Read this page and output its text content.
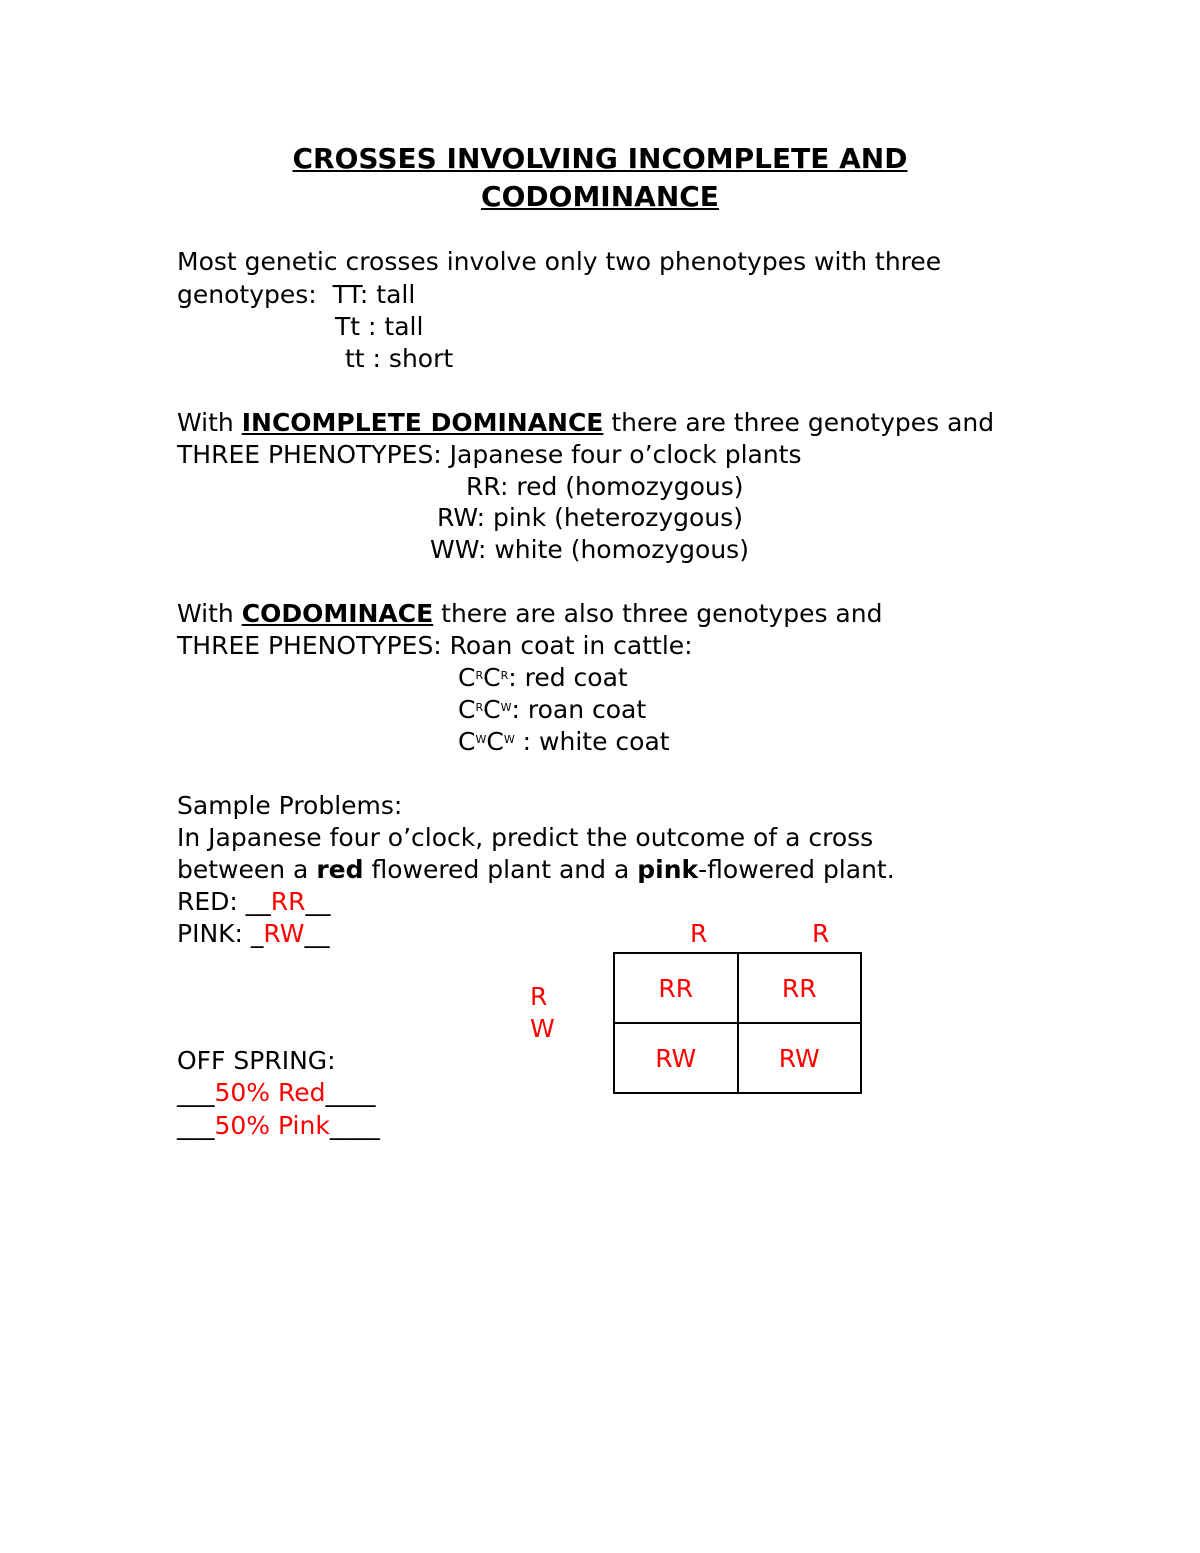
CROSSES INVOLVING INCOMPLETE AND
CODOMINANCE
Most genetic crosses involve only two phenotypes with three
genotypes:  TT: tall
Tt : tall
tt : short
With INCOMPLETE DOMINANCE there are three genotypes and
THREE PHENOTYPES: Japanese four o’clock plants
RR: red (homozygous)
RW: pink (heterozygous)
WW: white (homozygous)
With CODOMINACE there are also three genotypes and
THREE PHENOTYPES: Roan coat in cattle:
$C^RC^R$: red coat
$C^RC^W$: roan coat
$C^WC^W$ : white coat
Sample Problems:
In Japanese four o’clock, predict the outcome of a cross
between a red flowered plant and a pink-flowered plant.
RED: __RR__
PINK: _RW__	R	R
R
W
RR	RR
RW	RW
OFF SPRING:
___50% Red____
___50% Pink____
